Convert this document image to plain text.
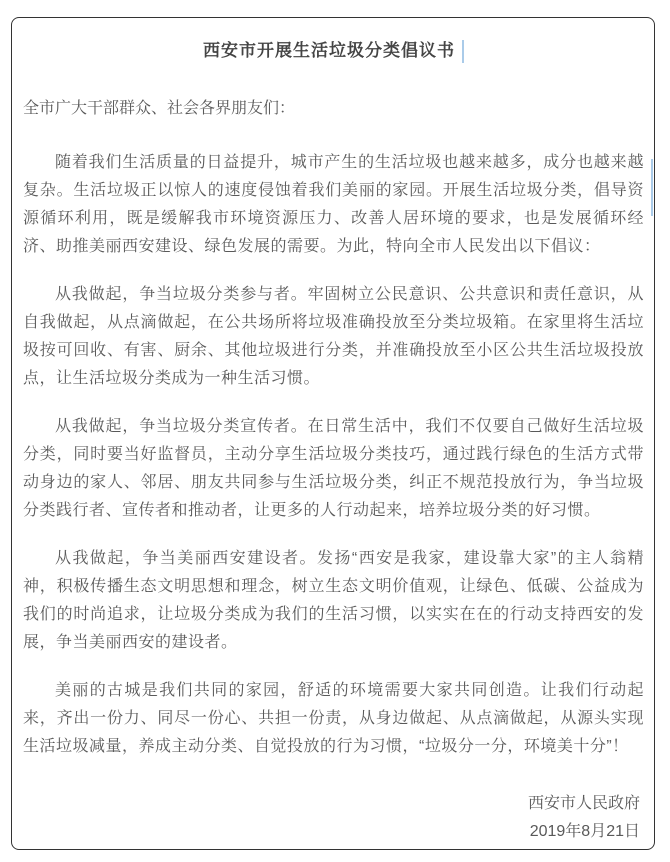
西安市开展生活垃圾分类倡议书
全市广大干部群众、社会各界朋友们：

随着我们生活质量的日益提升，城市产生的生活垃圾也越来越多，成分也越来越复杂。生活垃圾正以惊人的速度侵蚀着我们美丽的家园。开展生活垃圾分类，倡导资源循环利用，既是缓解我市环境资源压力、改善人居环境的要求，也是发展循环经济、助推美丽西安建设、绿色发展的需要。为此，特向全市人民发出以下倡议：

从我做起，争当垃圾分类参与者。牢固树立公民意识、公共意识和责任意识，从自我做起，从点滴做起，在公共场所将垃圾准确投放至分类垃圾箱。在家里将生活垃圾按可回收、有害、厨余、其他垃圾进行分类，并准确投放至小区公共生活垃圾投放点，让生活垃圾分类成为一种生活习惯。

从我做起，争当垃圾分类宣传者。在日常生活中，我们不仅要自己做好生活垃圾分类，同时要当好监督员，主动分享生活垃圾分类技巧，通过践行绿色的生活方式带动身边的家人、邻居、朋友共同参与生活垃圾分类，纠正不规范投放行为，争当垃圾分类践行者、宣传者和推动者，让更多的人行动起来，培养垃圾分类的好习惯。

从我做起，争当美丽西安建设者。发扬“西安是我家，建设靠大家”的主人翁精神，积极传播生态文明思想和理念，树立生态文明价值观，让绿色、低碳、公益成为我们的时尚追求，让垃圾分类成为我们的生活习惯，以实实在在的行动支持西安的发展，争当美丽西安的建设者。

美丽的古城是我们共同的家园，舒适的环境需要大家共同创造。让我们行动起来，齐出一份力、同尽一份心、共担一份责，从身边做起、从点滴做起，从源头实现生活垃圾减量，养成主动分类、自觉投放的行为习惯，“垃圾分一分，环境美十分”！

西安市人民政府
2019年8月21日
